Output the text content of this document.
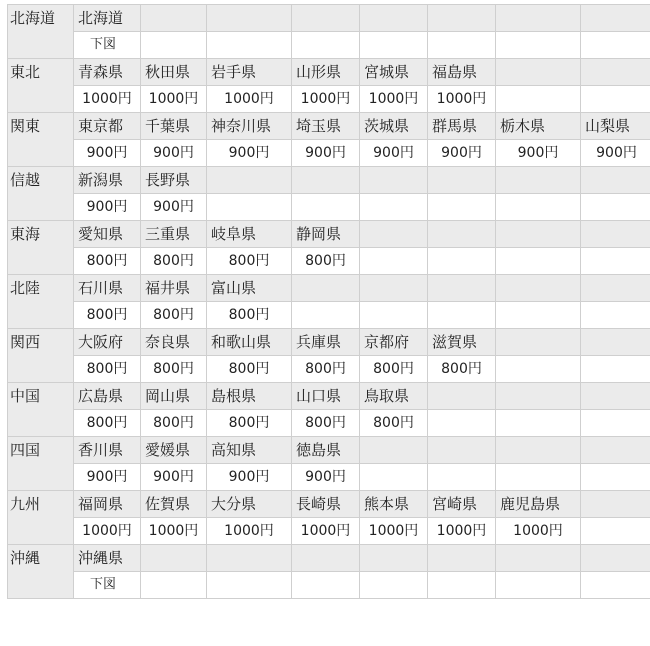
北海道	北海道							
	下図							
東北	青森県	秋田県	岩手県	山形県	宮城県	福島県		
	1000円	1000円	1000円	1000円	1000円	1000円		
関東	東京都	千葉県	神奈川県	埼玉県	茨城県	群馬県	栃木県	山梨県
	900円	900円	900円	900円	900円	900円	900円	900円
信越	新潟県	長野県						
	900円	900円						
東海	愛知県	三重県	岐阜県	静岡県				
	800円	800円	800円	800円				
北陸	石川県	福井県	富山県					
	800円	800円	800円					
関西	大阪府	奈良県	和歌山県	兵庫県	京都府	滋賀県		
	800円	800円	800円	800円	800円	800円		
中国	広島県	岡山県	島根県	山口県	鳥取県			
	800円	800円	800円	800円	800円			
四国	香川県	愛媛県	高知県	徳島県				
	900円	900円	900円	900円				
九州	福岡県	佐賀県	大分県	長崎県	熊本県	宮崎県	鹿児島県	
	1000円	1000円	1000円	1000円	1000円	1000円	1000円	
沖縄	沖縄県							
	下図							
